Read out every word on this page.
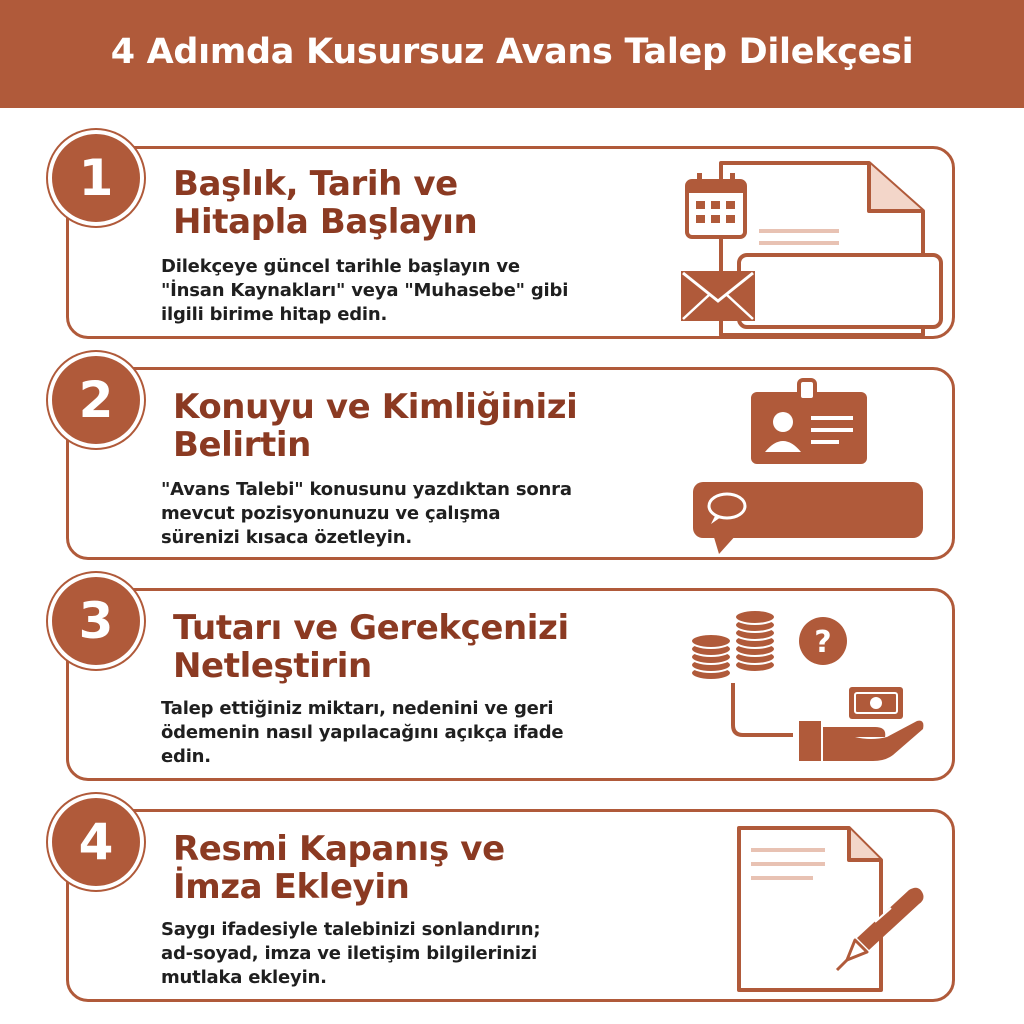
4 Adımda Kusursuz Avans Talep Dilekçesi
Başlık, Tarih ve
Hitapla Başlayın
Dilekçeye güncel tarihle başlayın ve
"İnsan Kaynakları" veya "Muhasebe" gibi
ilgili birime hitap edin.
1
Konuyu ve Kimliğinizi
Belirtin
"Avans Talebi" konusunu yazdıktan sonra
mevcut pozisyonunuzu ve çalışma
sürenizi kısaca özetleyin.
2
Tutarı ve Gerekçenizi
Netleştirin
Talep ettiğiniz miktarı, nedenini ve geri
ödemenin nasıl yapılacağını açıkça ifade
edin.
?
3
Resmi Kapanış ve
İmza Ekleyin
Saygı ifadesiyle talebinizi sonlandırın;
ad-soyad, imza ve iletişim bilgilerinizi
mutlaka ekleyin.
4
